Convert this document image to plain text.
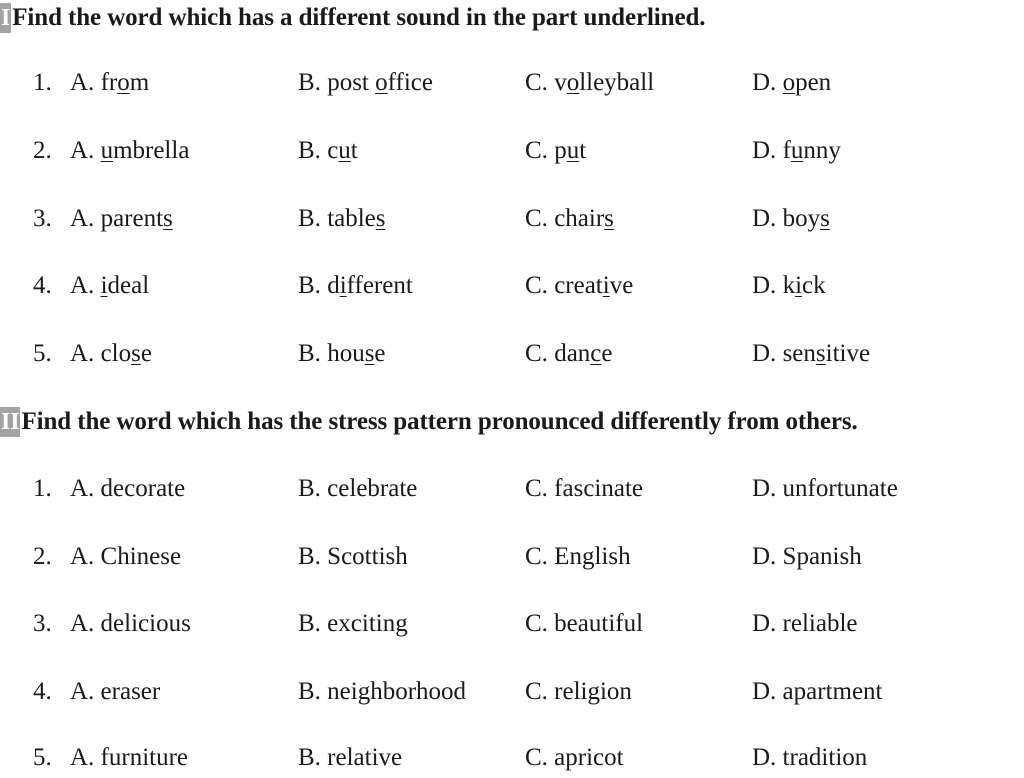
I Find the word which has a different sound in the part underlined.
1. A. from	B. post office	C. volleyball	D. open
2. A. umbrella	B. cut	C. put	D. funny
3. A. parents	B. tables	C. chairs	D. boys
4. A. ideal	B. different	C. creative	D. kick
5. A. close	B. house	C. dance	D. sensitive
II Find the word which has the stress pattern pronounced differently from others.
1. A. decorate	B. celebrate	C. fascinate	D. unfortunate
2. A. Chinese	B. Scottish	C. English	D. Spanish
3. A. delicious	B. exciting	C. beautiful	D. reliable
4. A. eraser	B. neighborhood C. religion	D. apartment
5. A. furniture	B. relative	C. apricot	D. tradition
